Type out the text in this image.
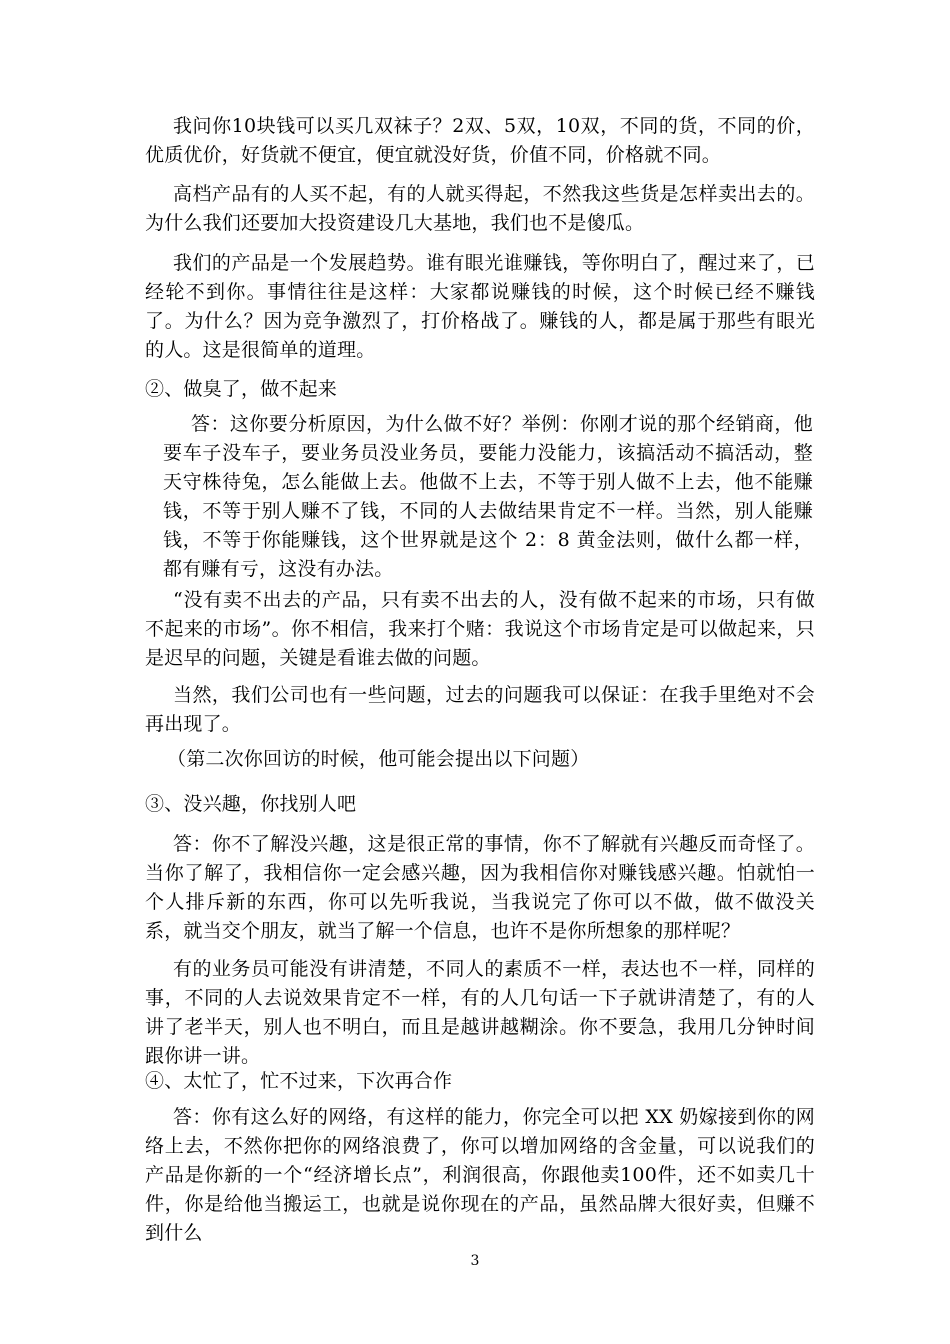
我问你10块钱可以买几双袜子？2双、5双，10双，不同的货，不同的价，优质优价，好货就不便宜，便宜就没好货，价值不同，价格就不同。

高档产品有的人买不起，有的人就买得起，不然我这些货是怎样卖出去的。为什么我们还要加大投资建设几大基地，我们也不是傻瓜。

我们的产品是一个发展趋势。谁有眼光谁赚钱，等你明白了，醒过来了，已经轮不到你。事情往往是这样：大家都说赚钱的时候，这个时候已经不赚钱了。为什么？因为竞争激烈了，打价格战了。赚钱的人，都是属于那些有眼光的人。这是很简单的道理。

②、做臭了，做不起来

答：这你要分析原因，为什么做不好？举例：你刚才说的那个经销商，他要车子没车子，要业务员没业务员，要能力没能力，该搞活动不搞活动，整天守株待兔，怎么能做上去。他做不上去，不等于别人做不上去，他不能赚钱，不等于别人赚不了钱，不同的人去做结果肯定不一样。当然，别人能赚钱，不等于你能赚钱，这个世界就是这个 2：8 黄金法则，做什么都一样，都有赚有亏，这没有办法。

“没有卖不出去的产品，只有卖不出去的人，没有做不起来的市场，只有做不起来的市场”。你不相信，我来打个赌：我说这个市场肯定是可以做起来，只是迟早的问题，关键是看谁去做的问题。

当然，我们公司也有一些问题，过去的问题我可以保证：在我手里绝对不会再出现了。

（第二次你回访的时候，他可能会提出以下问题）

③、没兴趣，你找别人吧

答：你不了解没兴趣，这是很正常的事情，你不了解就有兴趣反而奇怪了。当你了解了，我相信你一定会感兴趣，因为我相信你对赚钱感兴趣。怕就怕一个人排斥新的东西，你可以先听我说，当我说完了你可以不做，做不做没关系，就当交个朋友，就当了解一个信息，也许不是你所想象的那样呢？

有的业务员可能没有讲清楚，不同人的素质不一样，表达也不一样，同样的事，不同的人去说效果肯定不一样，有的人几句话一下子就讲清楚了，有的人讲了老半天，别人也不明白，而且是越讲越糊涂。你不要急，我用几分钟时间跟你讲一讲。

④、太忙了，忙不过来，下次再合作

答：你有这么好的网络，有这样的能力，你完全可以把 XX 奶嫁接到你的网络上去，不然你把你的网络浪费了，你可以增加网络的含金量，可以说我们的产品是你新的一个“经济增长点”，利润很高，你跟他卖100件，还不如卖几十件，你是给他当搬运工，也就是说你现在的产品，虽然品牌大很好卖，但赚不到什么

3
